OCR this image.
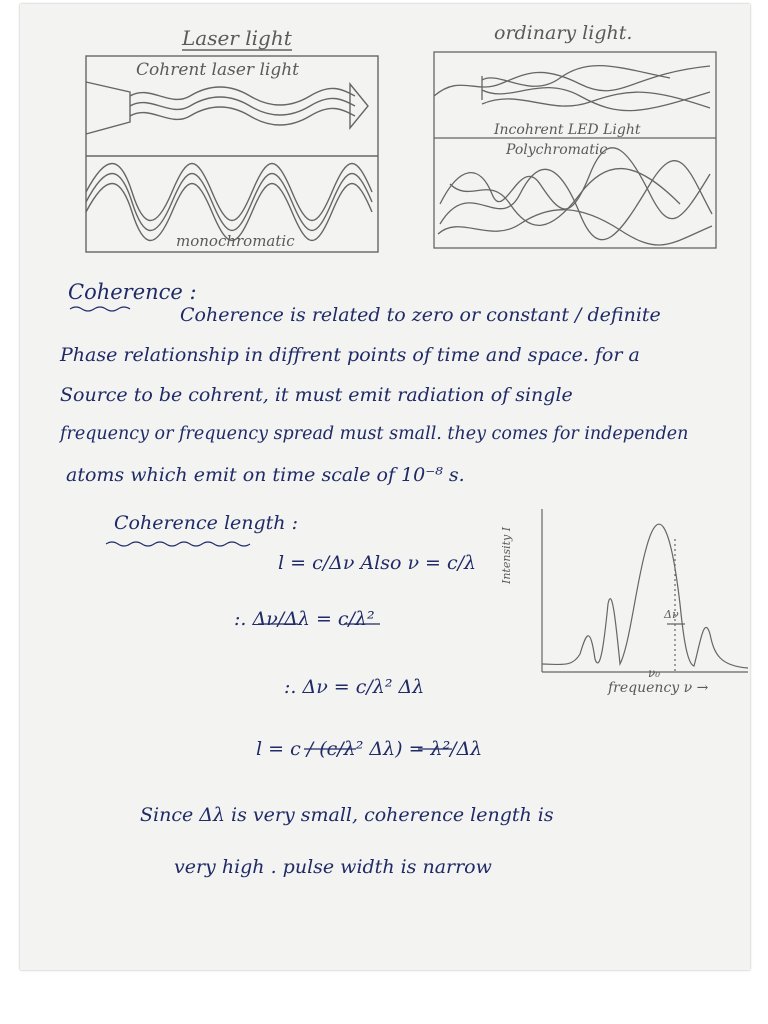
Laser light
Cohrent laser light
monochromatic
ordinary light.
Incohrent LED Light
Polychromatic
Coherence :
Coherence is related to zero or constant / definite
Phase relationship in diffrent points of time and space. for a
Source to be cohrent, it must emit radiation of single
frequency or frequency spread must small. they comes for independen
atoms which emit on time scale of 10⁻⁸ s.
Coherence length :
l = c/Δν Also ν = c/λ
:. Δν/Δλ = c/λ²
:. Δν = c/λ² Δλ
l = c / (c/λ² Δλ) = λ²/Δλ
Intensity I
ν₀
Δν
frequency ν →
Since Δλ is very small, coherence length is
very high . pulse width is narrow
